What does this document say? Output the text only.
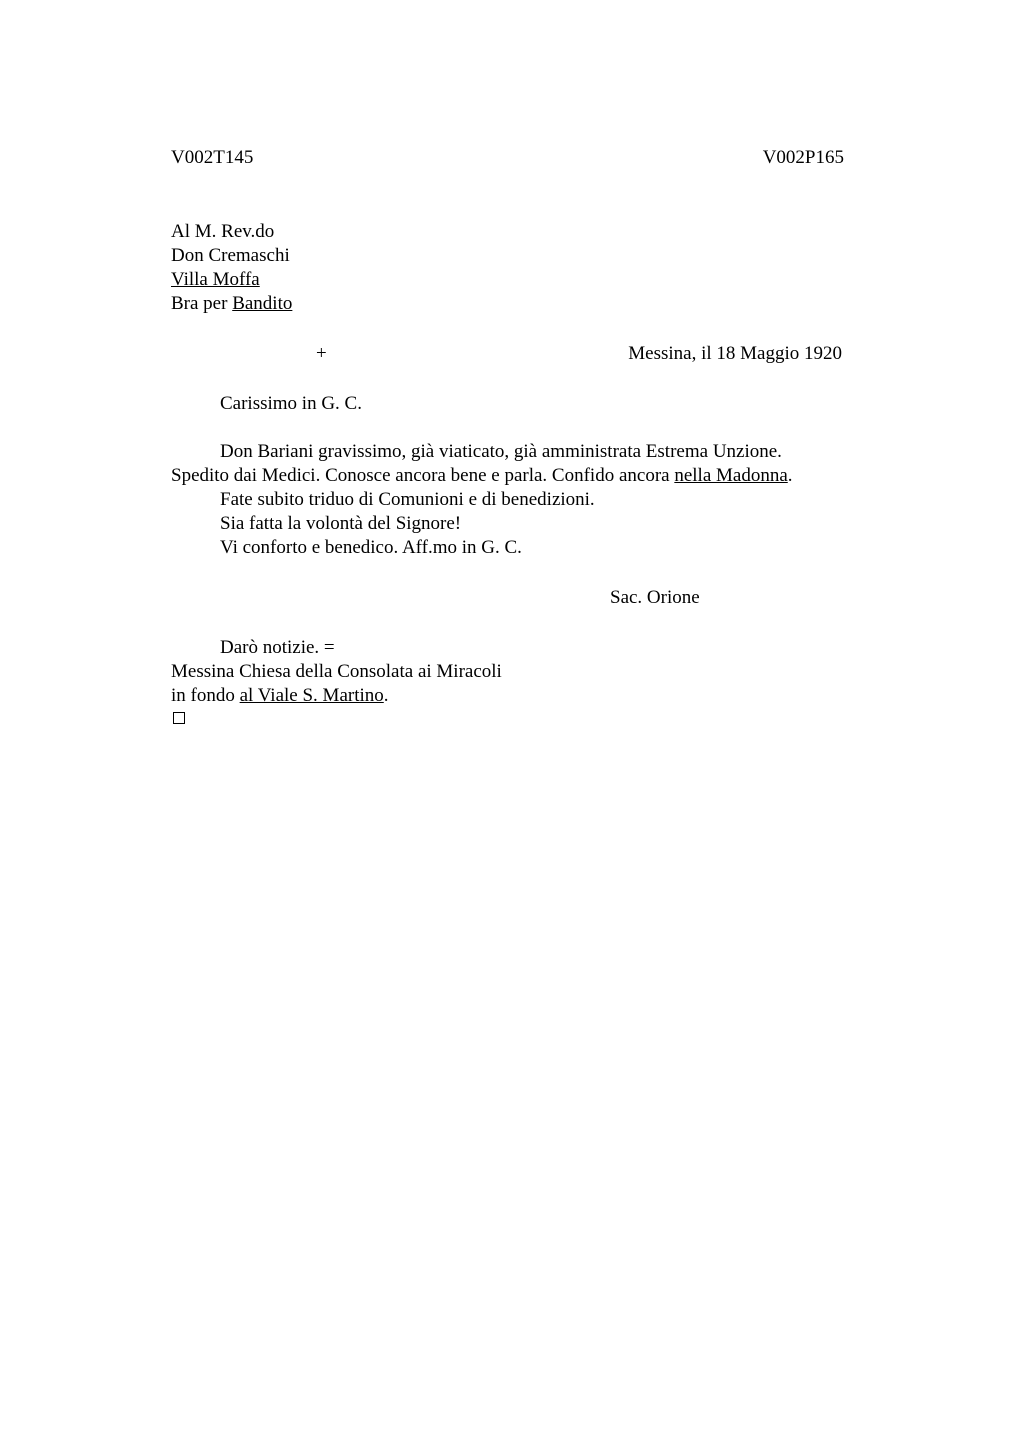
V002T145	V002P165
Al M. Rev.do
Don Cremaschi
Villa Moffa
Bra per Bandito
+	Messina, il 18 Maggio 1920
Carissimo in G. C.
Don Bariani gravissimo, già viaticato, già amministrata Estrema Unzione.
Spedito dai Medici. Conosce ancora bene e parla. Confido ancora nella Madonna.
Fate subito triduo di Comunioni e di benedizioni.
Sia fatta la volontà del Signore!
Vi conforto e benedico. Aff.mo in G. C.
Sac. Orione
Darò notizie. =
Messina Chiesa della Consolata ai Miracoli
in fondo al Viale S. Martino.
